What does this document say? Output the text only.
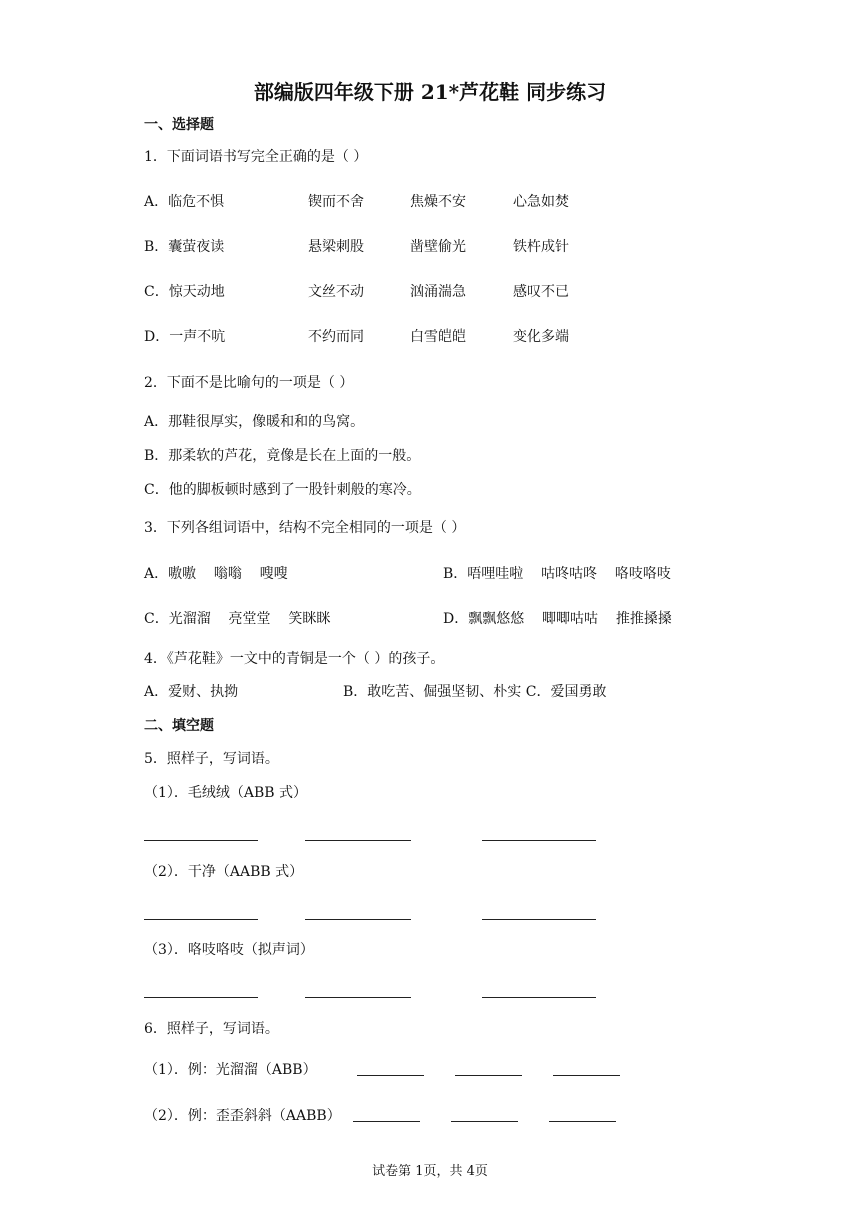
部编版四年级下册 21*芦花鞋 同步练习
一、选择题
1．下面词语书写完全正确的是（ ）
A．临危不惧	锲而不舍	焦燥不安	心急如焚
B．囊萤夜读	悬梁刺股	凿壁偷光	铁杵成针
C．惊天动地	文丝不动	汹涌湍急	感叹不已
D．一声不吭	不约而同	白雪皑皑	变化多端
2．下面不是比喻句的一项是（ ）
A．那鞋很厚实，像暖和和的鸟窝。
B．那柔软的芦花，竟像是长在上面的一般。
C．他的脚板顿时感到了一股针刺般的寒冷。
3．下列各组词语中，结构不完全相同的一项是（ ）
A．嗷嗷    嗡嗡    嗖嗖	B．唔哩哇啦    咕咚咕咚    咯吱咯吱
C．光溜溜    亮堂堂    笑眯眯	D．飘飘悠悠    唧唧咕咕    推推搡搡
4．《芦花鞋》一文中的青铜是一个（ ）的孩子。
A．爱财、执拗	B．敢吃苦、倔强坚韧、朴实 C．爱国勇敢
二、填空题
5．照样子，写词语。
（1）．毛绒绒（ABB 式）
（2）．干净（AABB 式）
（3）．咯吱咯吱（拟声词）
6．照样子，写词语。
（1）．例：光溜溜（ABB）
（2）．例：歪歪斜斜（AABB）
试卷第 1页，共 4页
